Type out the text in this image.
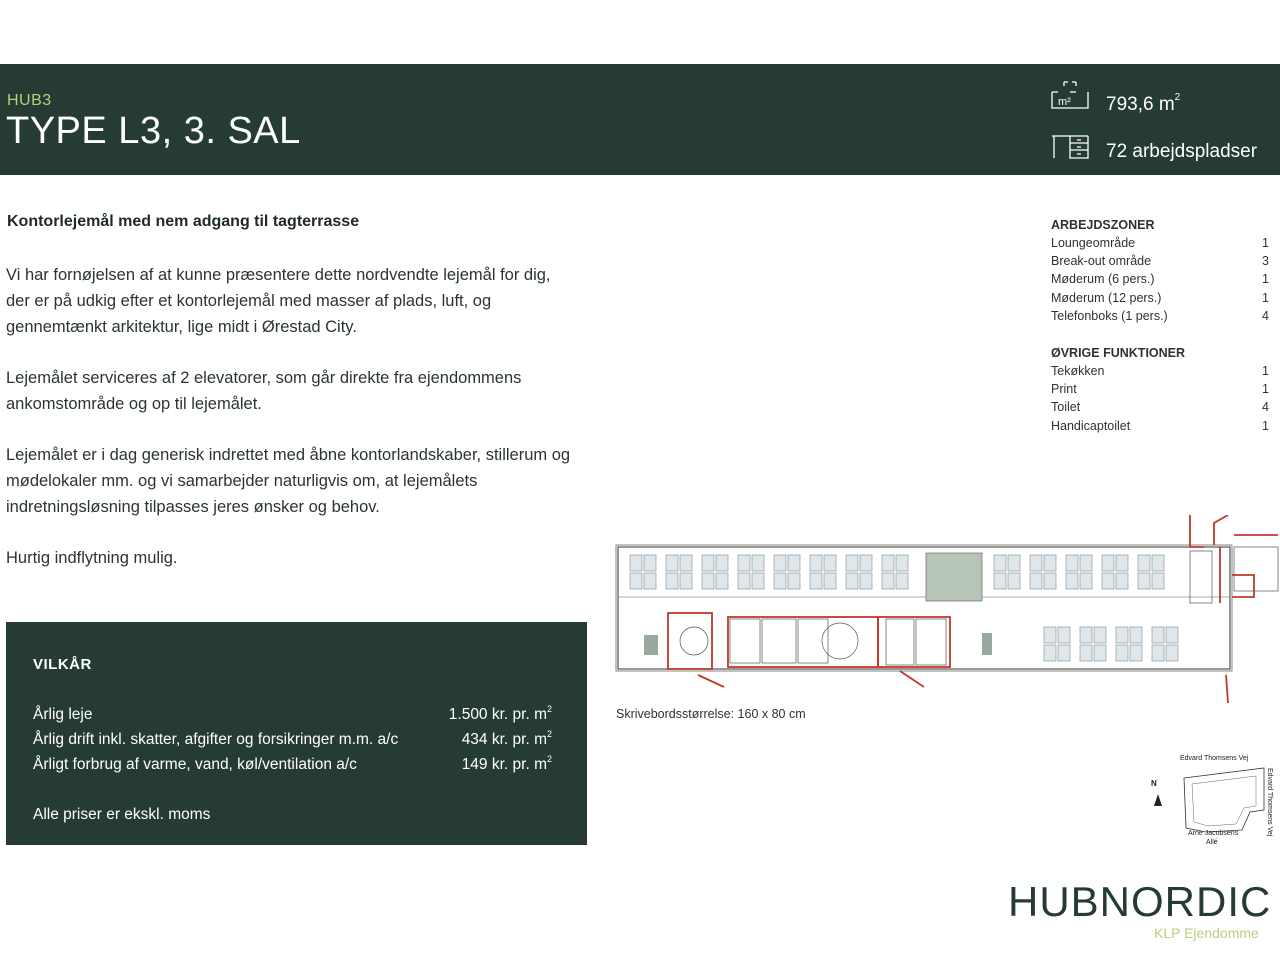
HUB3
TYPE L3, 3. SAL
m² 793,6 $m^2$
72 arbejdspladser
Kontorlejemål med nem adgang til tagterrasse

Vi har fornøjelsen af at kunne præsentere dette nordvendte lejemål for dig, der er på udkig efter et kontorlejemål med masser af plads, luft, og gennemtænkt arkitektur, lige midt i Ørestad City.

Lejemålet serviceres af 2 elevatorer, som går direkte fra ejendommens ankomstområde og op til lejemålet.

Lejemålet er i dag generisk indrettet med åbne kontorlandskaber, stillerum og mødelokaler mm. og vi samarbejder naturligvis om, at lejemålets indretningsløsning tilpasses jeres ønsker og behov.

Hurtig indflytning mulig.

ARBEJDSZONER
Loungeområde	1
Break-out område	3
Møderum (6 pers.)	1
Møderum (12 pers.)	1
Telefonboks (1 pers.)	4
ØVRIGE FUNKTIONER
Tekøkken	1
Print	1
Toilet	4
Handicaptoilet	1
VILKÅR
Årlig leje	1.500 kr. pr. $m^2$
Årlig drift inkl. skatter, afgifter og forsikringer m.m. a/c	434 kr. pr. $m^2$
Årligt forbrug af varme, vand, køl/ventilation a/c	149 kr. pr. $m^2$
Alle priser er ekskl. moms
Skrivebordsstørrelse: 160 x 80 cm
N
Edvard Thomsens Vej
Edvard Thomsens Vej
Arne Jacobsens
Allé
HUBNORDIC
KLP Ejendomme
